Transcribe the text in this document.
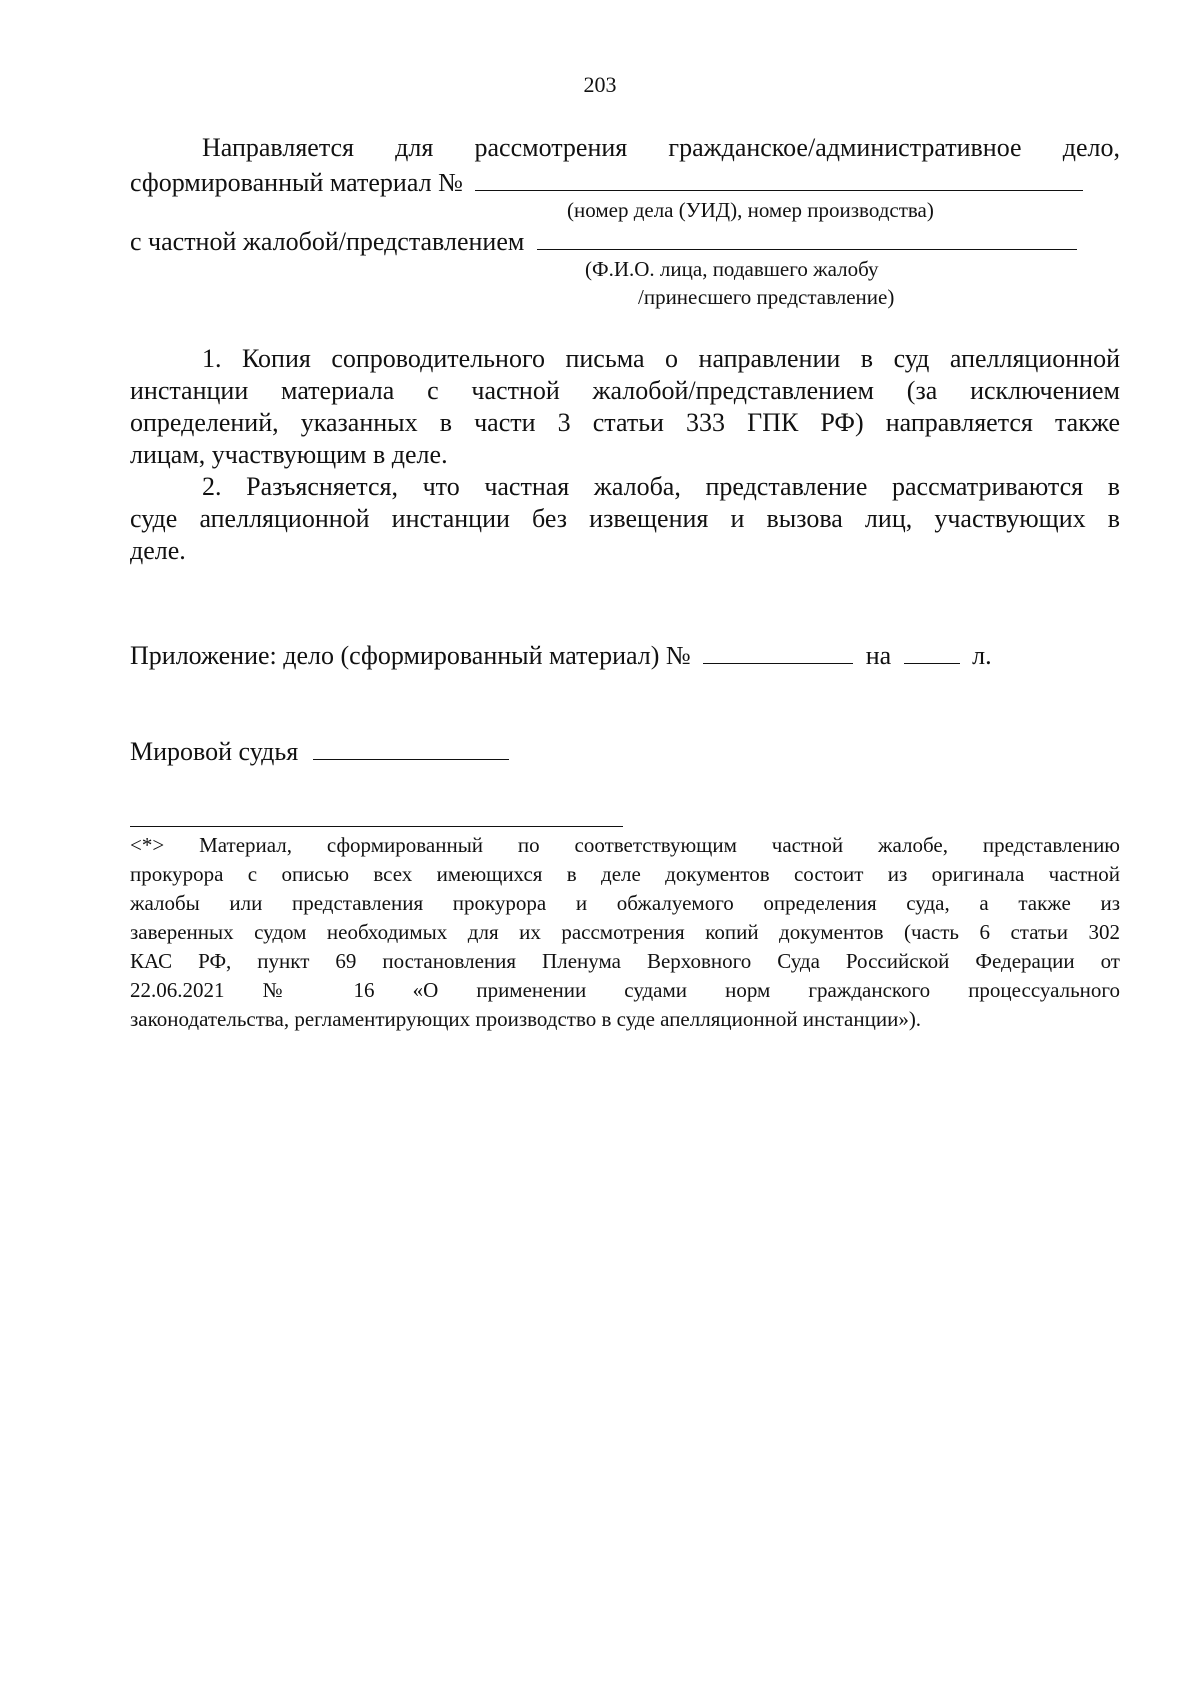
203
Направляется для рассмотрения гражданское/административное дело,
сформированный материал №
(номер дела (УИД), номер производства)
с частной жалобой/представлением
(Ф.И.О. лица, подавшего жалобу
/принесшего представление)
1. Копия сопроводительного письма о направлении в суд апелляционной
инстанции материала с частной жалобой/представлением (за исключением
определений, указанных в части 3 статьи 333 ГПК РФ) направляется также
лицам, участвующим в деле.
2. Разъясняется, что частная жалоба, представление рассматриваются в
суде апелляционной инстанции без извещения и вызова лиц, участвующих в
деле.
Приложение: дело (сформированный материал) №	на	л.
Мировой судья
<*> Материал, сформированный по соответствующим частной жалобе, представлению
прокурора с описью всех имеющихся в деле документов состоит из оригинала частной
жалобы или представления прокурора и обжалуемого определения суда, а также из
заверенных судом необходимых для их рассмотрения копий документов (часть 6 статьи 302
КАС РФ, пункт 69 постановления Пленума Верховного Суда Российской Федерации от
22.06.2021 № 16 «О применении судами норм гражданского процессуального
законодательства, регламентирующих производство в суде апелляционной инстанции»).
